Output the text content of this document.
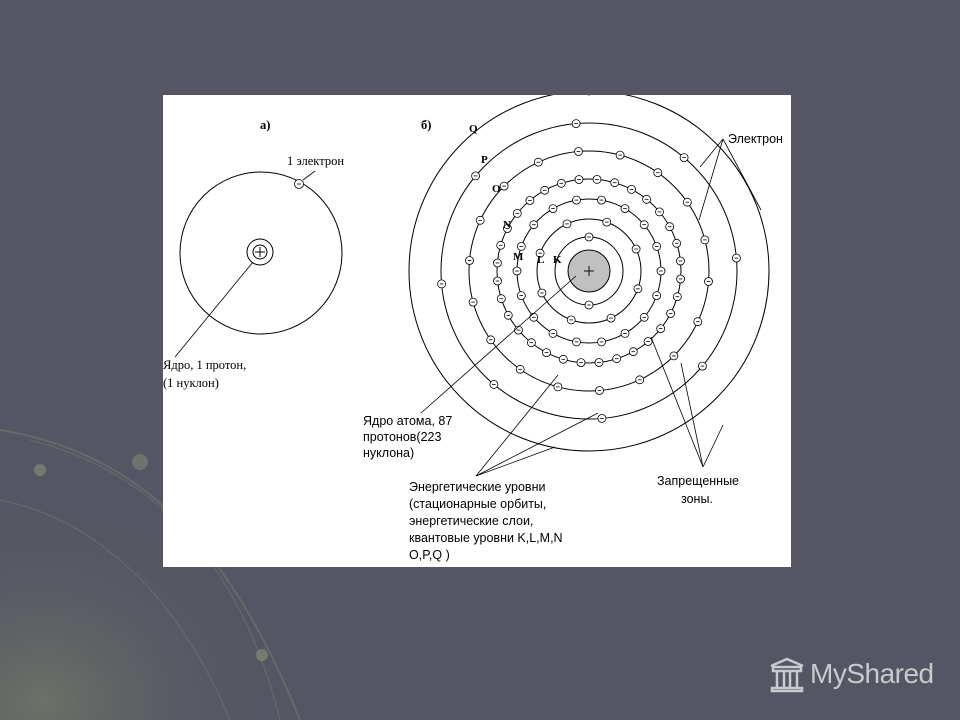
а)
1 электрон
Ядро, 1 протон,
(1 нуклон)
б)
K
L
M
N
O
P
Q
Электрон
Ядро атома, 87
протонов(223
нуклона)
Энергетические уровни
(стационарные орбиты,
энергетические слои,
квантовые уровни K,L,M,N
O,P,Q )
Запрещенные
зоны.
MyShared
